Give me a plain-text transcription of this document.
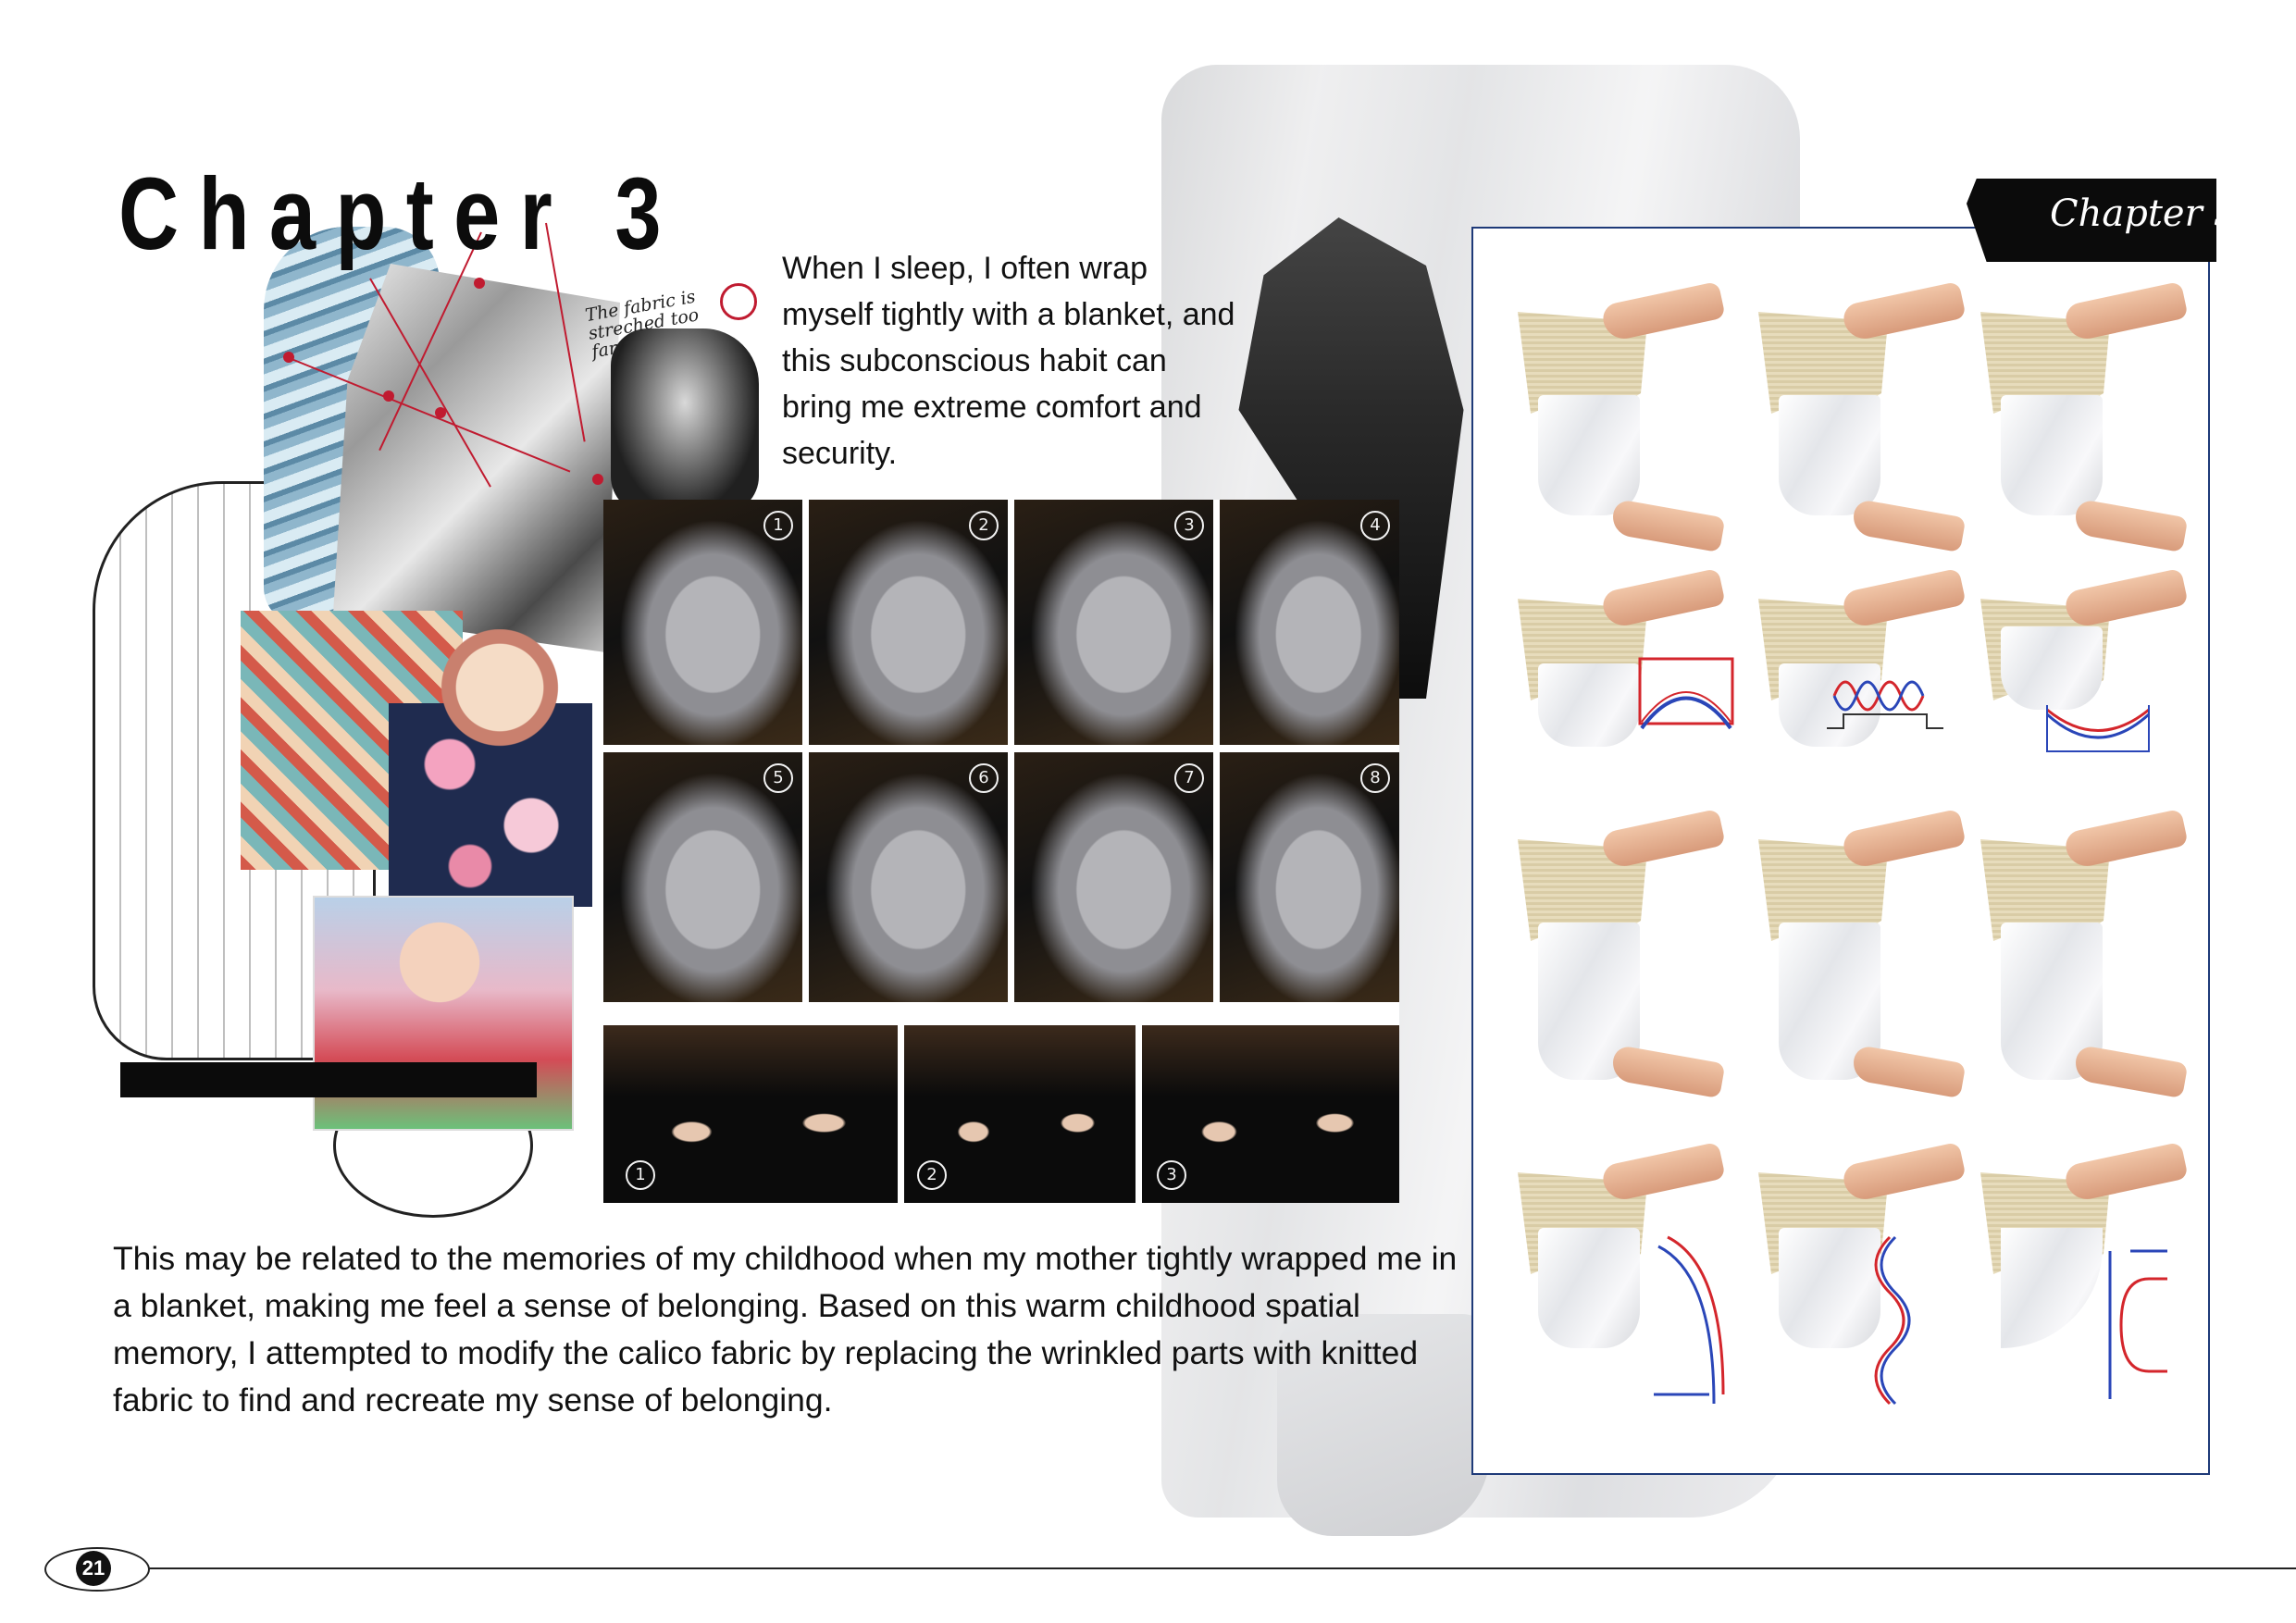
The fabric is streched too far.
Chapter 3	When I sleep, I often wrap myself tightly with a blanket, and this subconscious habit can bring me extreme comfort and security.
1	2	3	4
5	6	7	8
1	2	3
This may be related to the memories of my childhood when my mother tightly wrapped me in a blanket, making me feel a sense of belonging. Based on this warm childhood spatial memory, I attempted to modify the calico fabric by replacing the wrinkled parts with knitted fabric to find and recreate my sense of belonging.
Chapter 3
21
